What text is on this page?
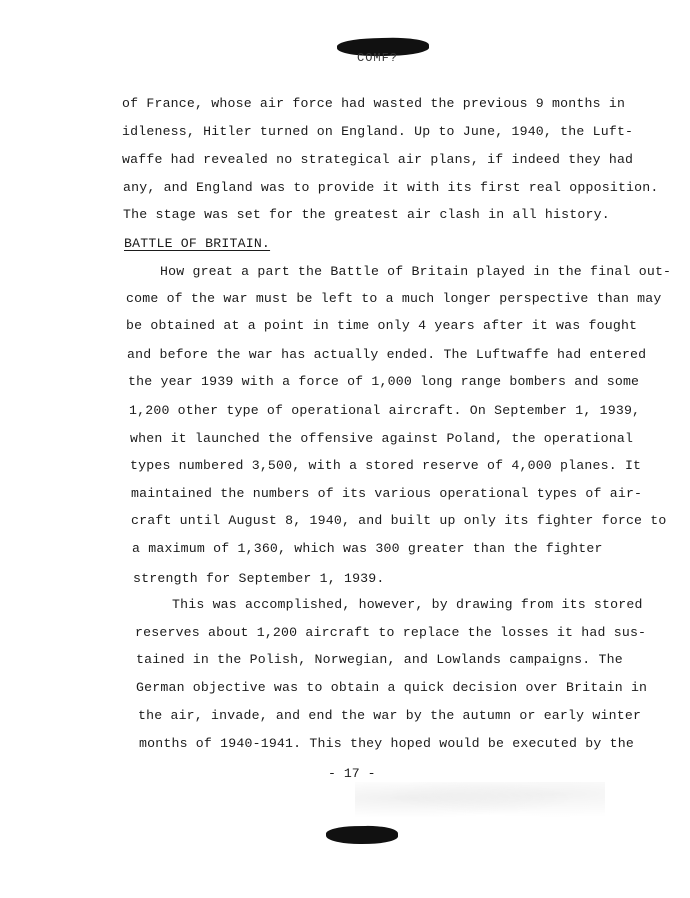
COMF?
of France, whose air force had wasted the previous 9 months in
idleness, Hitler turned on England. Up to June, 1940, the Luft-
waffe had revealed no strategical air plans, if indeed they had
any, and England was to provide it with its first real opposition.
The stage was set for the greatest air clash in all history.
BATTLE OF BRITAIN.
How great a part the Battle of Britain played in the final out-
come of the war must be left to a much longer perspective than may
be obtained at a point in time only 4 years after it was fought
and before the war has actually ended. The Luftwaffe had entered
the year 1939 with a force of 1,000 long range bombers and some
1,200 other type of operational aircraft. On September 1, 1939,
when it launched the offensive against Poland, the operational
types numbered 3,500, with a stored reserve of 4,000 planes. It
maintained the numbers of its various operational types of air-
craft until August 8, 1940, and built up only its fighter force to
a maximum of 1,360, which was 300 greater than the fighter
strength for September 1, 1939.
This was accomplished, however, by drawing from its stored
reserves about 1,200 aircraft to replace the losses it had sus-
tained in the Polish, Norwegian, and Lowlands campaigns. The
German objective was to obtain a quick decision over Britain in
the air, invade, and end the war by the autumn or early winter
months of 1940-1941. This they hoped would be executed by the
- 17 -
